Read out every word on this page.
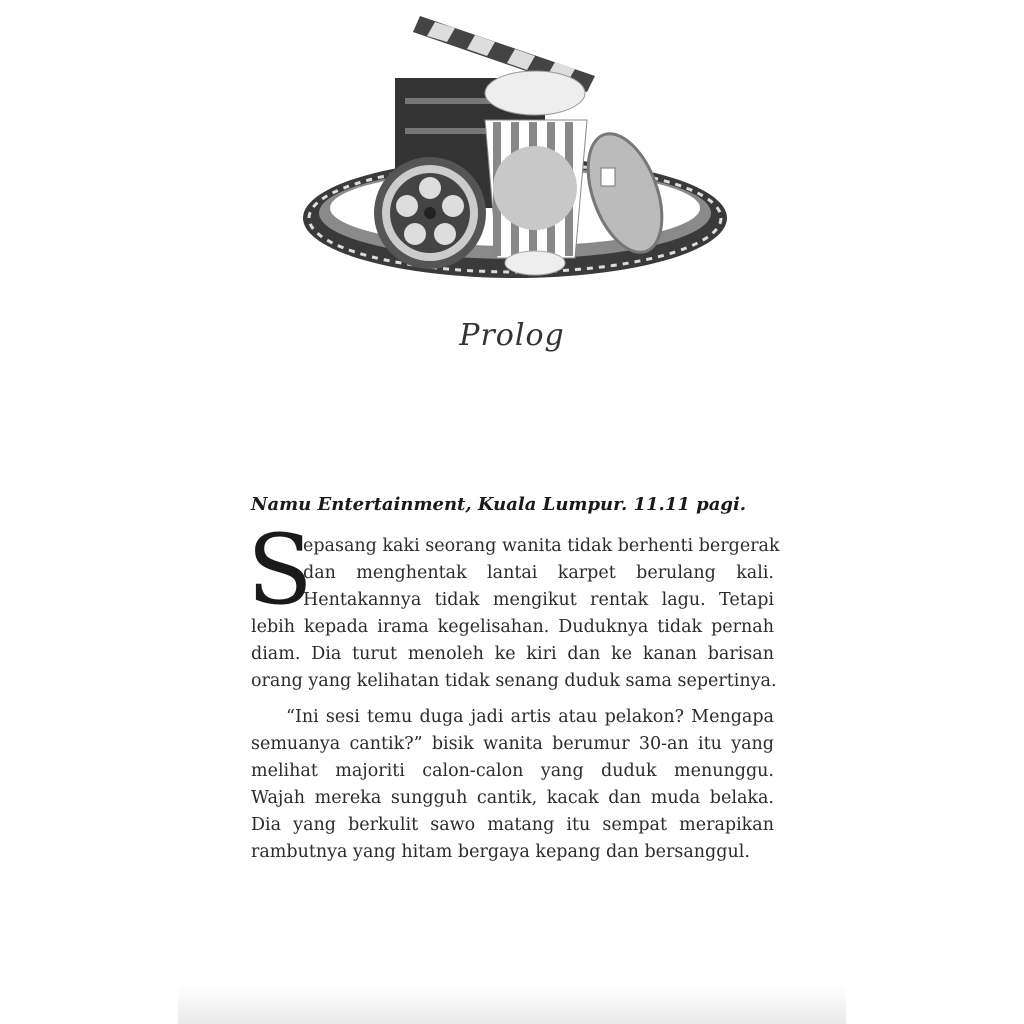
Prolog
Namu Entertainment, Kuala Lumpur. 11.11 pagi.
S
epasang kaki seorang wanita tidak berhenti bergerak
dan menghentak lantai karpet berulang kali.
Hentakannya tidak mengikut rentak lagu. Tetapi
lebih kepada irama kegelisahan. Duduknya tidak pernah
diam. Dia turut menoleh ke kiri dan ke kanan barisan
orang yang kelihatan tidak senang duduk sama sepertinya.
“Ini sesi temu duga jadi artis atau pelakon? Mengapa
semuanya cantik?” bisik wanita berumur 30-an itu yang
melihat majoriti calon-calon yang duduk menunggu.
Wajah mereka sungguh cantik, kacak dan muda belaka.
Dia yang berkulit sawo matang itu sempat merapikan
rambutnya yang hitam bergaya kepang dan bersanggul.
